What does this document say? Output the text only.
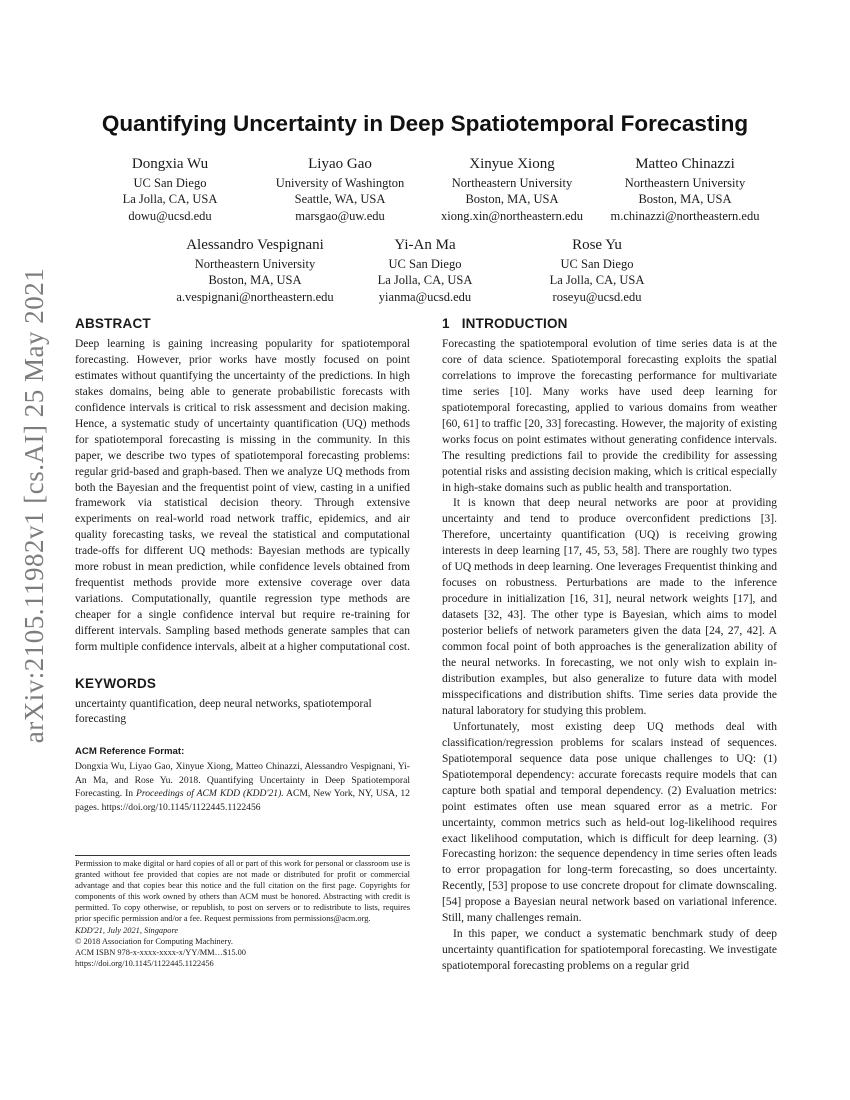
arXiv:2105.11982v1 [cs.AI] 25 May 2021
Quantifying Uncertainty in Deep Spatiotemporal Forecasting
Dongxia Wu
UC San Diego
La Jolla, CA, USA
dowu@ucsd.edu
Liyao Gao
University of Washington
Seattle, WA, USA
marsgao@uw.edu
Xinyue Xiong
Northeastern University
Boston, MA, USA
xiong.xin@northeastern.edu
Matteo Chinazzi
Northeastern University
Boston, MA, USA
m.chinazzi@northeastern.edu
Alessandro Vespignani
Northeastern University
Boston, MA, USA
a.vespignani@northeastern.edu
Yi-An Ma
UC San Diego
La Jolla, CA, USA
yianma@ucsd.edu
Rose Yu
UC San Diego
La Jolla, CA, USA
roseyu@ucsd.edu
ABSTRACT

Deep learning is gaining increasing popularity for spatiotemporal forecasting. However, prior works have mostly focused on point estimates without quantifying the uncertainty of the predictions. In high stakes domains, being able to generate probabilistic forecasts with confidence intervals is critical to risk assessment and decision making. Hence, a systematic study of uncertainty quantification (UQ) methods for spatiotemporal forecasting is missing in the community. In this paper, we describe two types of spatiotemporal forecasting problems: regular grid-based and graph-based. Then we analyze UQ methods from both the Bayesian and the frequentist point of view, casting in a unified framework via statistical decision theory. Through extensive experiments on real-world road network traffic, epidemics, and air quality forecasting tasks, we reveal the statistical and computational trade-offs for different UQ methods: Bayesian methods are typically more robust in mean prediction, while confidence levels obtained from frequentist methods provide more extensive coverage over data variations. Computationally, quantile regression type methods are cheaper for a single confidence interval but require re-training for different intervals. Sampling based methods generate samples that can form multiple confidence intervals, albeit at a higher computational cost.

KEYWORDS

uncertainty quantification, deep neural networks, spatiotemporal forecasting

ACM Reference Format:

Dongxia Wu, Liyao Gao, Xinyue Xiong, Matteo Chinazzi, Alessandro Vespignani, Yi-An Ma, and Rose Yu. 2018. Quantifying Uncertainty in Deep Spatiotemporal Forecasting. In Proceedings of ACM KDD (KDD'21). ACM, New York, NY, USA, 12 pages. https://doi.org/10.1145/1122445.1122456

Permission to make digital or hard copies of all or part of this work for personal or classroom use is granted without fee provided that copies are not made or distributed for profit or commercial advantage and that copies bear this notice and the full citation on the first page. Copyrights for components of this work owned by others than ACM must be honored. Abstracting with credit is permitted. To copy otherwise, or republish, to post on servers or to redistribute to lists, requires prior specific permission and/or a fee. Request permissions from permissions@acm.org.

KDD'21, July 2021, Singapore
© 2018 Association for Computing Machinery.
ACM ISBN 978-x-xxxx-xxxx-x/YY/MM…$15.00
https://doi.org/10.1145/1122445.1122456
1 INTRODUCTION

Forecasting the spatiotemporal evolution of time series data is at the core of data science. Spatiotemporal forecasting exploits the spatial correlations to improve the forecasting performance for multivariate time series [10]. Many works have used deep learning for spatiotemporal forecasting, applied to various domains from weather [60, 61] to traffic [20, 33] forecasting. However, the majority of existing works focus on point estimates without generating confidence intervals. The resulting predictions fail to provide the credibility for assessing potential risks and assisting decision making, which is critical especially in high-stake domains such as public health and transportation.

It is known that deep neural networks are poor at providing uncertainty and tend to produce overconfident predictions [3]. Therefore, uncertainty quantification (UQ) is receiving growing interests in deep learning [17, 45, 53, 58]. There are roughly two types of UQ methods in deep learning. One leverages Frequentist thinking and focuses on robustness. Perturbations are made to the inference procedure in initialization [16, 31], neural network weights [17], and datasets [32, 43]. The other type is Bayesian, which aims to model posterior beliefs of network parameters given the data [24, 27, 42]. A common focal point of both approaches is the generalization ability of the neural networks. In forecasting, we not only wish to explain in-distribution examples, but also generalize to future data with model misspecifications and distribution shifts. Time series data provide the natural laboratory for studying this problem.

Unfortunately, most existing deep UQ methods deal with classification/regression problems for scalars instead of sequences. Spatiotemporal sequence data pose unique challenges to UQ: (1) Spatiotemporal dependency: accurate forecasts require models that can capture both spatial and temporal dependency. (2) Evaluation metrics: point estimates often use mean squared error as a metric. For uncertainty, common metrics such as held-out log-likelihood requires exact likelihood computation, which is difficult for deep learning. (3) Forecasting horizon: the sequence dependency in time series often leads to error propagation for long-term forecasting, so does uncertainty. Recently, [53] propose to use concrete dropout for climate downscaling. [54] propose a Bayesian neural network based on variational inference. Still, many challenges remain.

In this paper, we conduct a systematic benchmark study of deep uncertainty quantification for spatiotemporal forecasting. We investigate spatiotemporal forecasting problems on a regular grid
